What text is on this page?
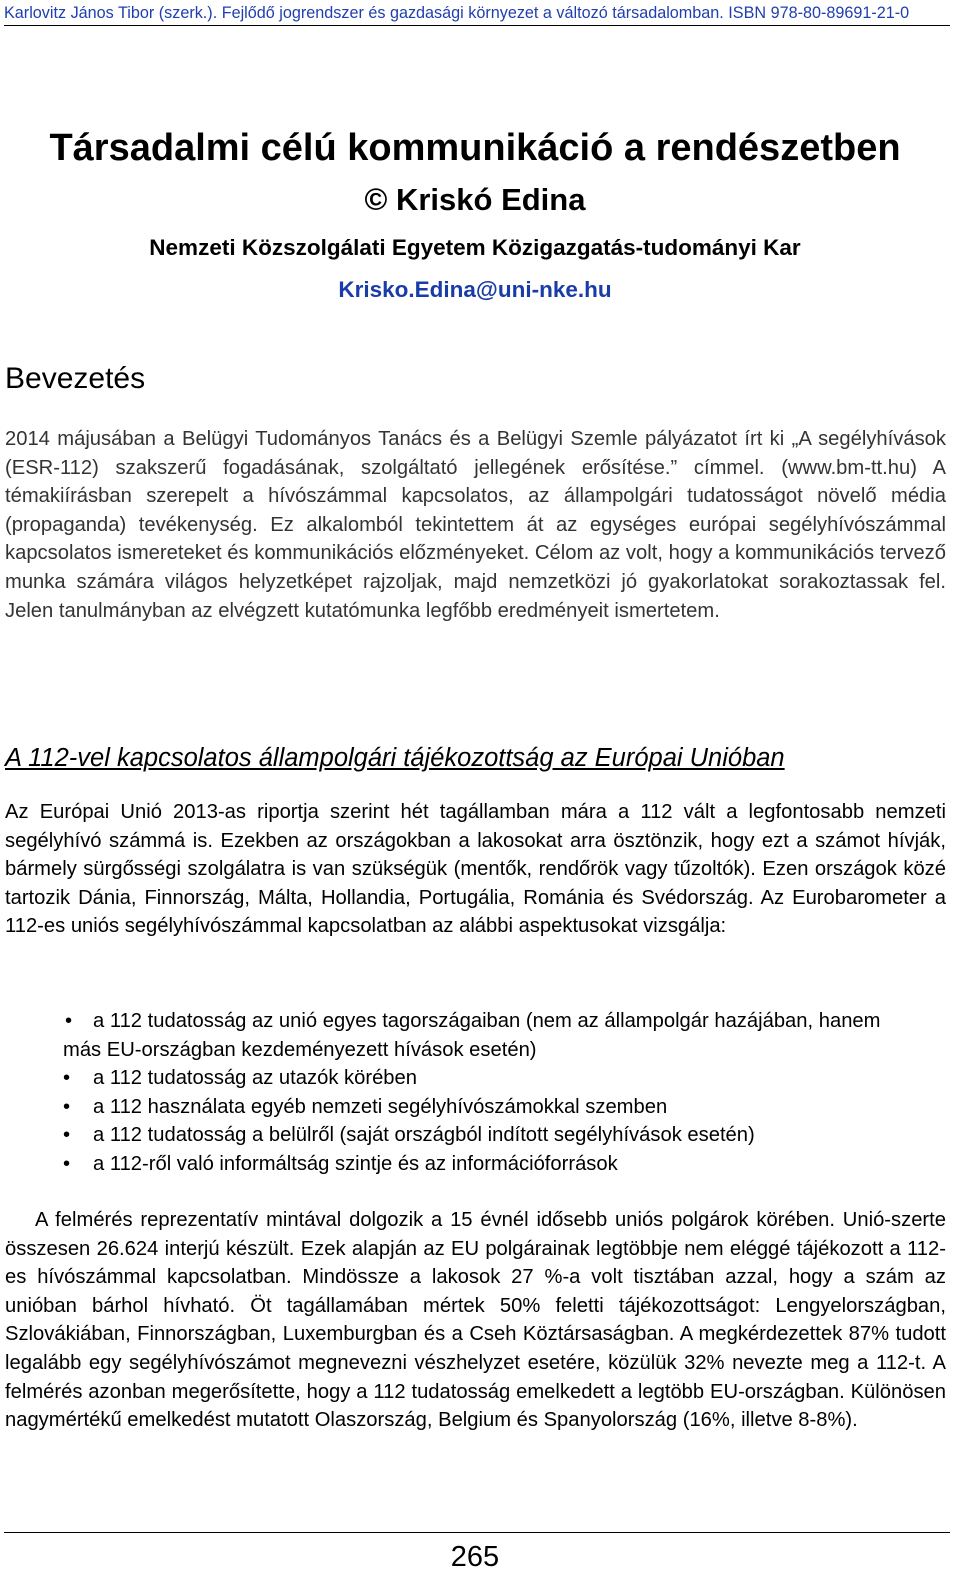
Karlovitz János Tibor (szerk.). Fejlődő jogrendszer és gazdasági környezet a változó társadalomban. ISBN 978-80-89691-21-0
Társadalmi célú kommunikáció a rendészetben
© Kriskó Edina
Nemzeti Közszolgálati Egyetem Közigazgatás-tudományi Kar
Krisko.Edina@uni-nke.hu
Bevezetés

2014 májusában a Belügyi Tudományos Tanács és a Belügyi Szemle pályázatot írt ki „A segélyhívások (ESR-112) szakszerű fogadásának, szolgáltató jellegének erősítése.” címmel. (www.bm-tt.hu) A témakiírásban szerepelt a hívószámmal kapcsolatos, az állampolgári tudatosságot növelő média (propaganda) tevékenység. Ez alkalomból tekintettem át az egységes európai segélyhívószámmal kapcsolatos ismereteket és kommunikációs előzményeket. Célom az volt, hogy a kommunikációs tervező munka számára világos helyzetképet rajzoljak, majd nemzetközi jó gyakorlatokat sorakoztassak fel. Jelen tanulmányban az elvégzett kutatómunka legfőbb eredményeit ismertetem.

A 112-vel kapcsolatos állampolgári tájékozottság az Európai Unióban

Az Európai Unió 2013-as riportja szerint hét tagállamban mára a 112 vált a legfontosabb nemzeti segélyhívó számmá is. Ezekben az országokban a lakosokat arra ösztönzik, hogy ezt a számot hívják, bármely sürgősségi szolgálatra is van szükségük (mentők, rendőrök vagy tűzoltók). Ezen országok közé tartozik Dánia, Finnország, Málta, Hollandia, Portugália, Románia és Svédország. Az Eurobarometer a 112-es uniós segélyhívószámmal kapcsolatban az alábbi aspektusokat vizsgálja:

•	a 112 tudatosság az unió egyes tagországaiban (nem az állampolgár hazájában, hanem más EU-országban kezdeményezett hívások esetén)
• a 112 tudatosság az utazók körében
• a 112 használata egyéb nemzeti segélyhívószámokkal szemben
• a 112 tudatosság a belülről (saját országból indított segélyhívások esetén)
• a 112-ről való informáltság szintje és az információforrások

A felmérés reprezentatív mintával dolgozik a 15 évnél idősebb uniós polgárok körében. Unió-szerte összesen 26.624 interjú készült. Ezek alapján az EU polgárainak legtöbbje nem eléggé tájékozott a 112-es hívószámmal kapcsolatban. Mindössze a lakosok 27 %-a volt tisztában azzal, hogy a szám az unióban bárhol hívható. Öt tagállamában mértek 50% feletti tájékozottságot: Lengyelországban, Szlovákiában, Finnországban, Luxemburgban és a Cseh Köztársaságban. A megkérdezettek 87% tudott legalább egy segélyhívószámot megnevezni vészhelyzet esetére, közülük 32% nevezte meg a 112-t. A felmérés azonban megerősítette, hogy a 112 tudatosság emelkedett a legtöbb EU-országban. Különösen nagymértékű emelkedést mutatott Olaszország, Belgium és Spanyolország (16%, illetve 8-8%).

265
